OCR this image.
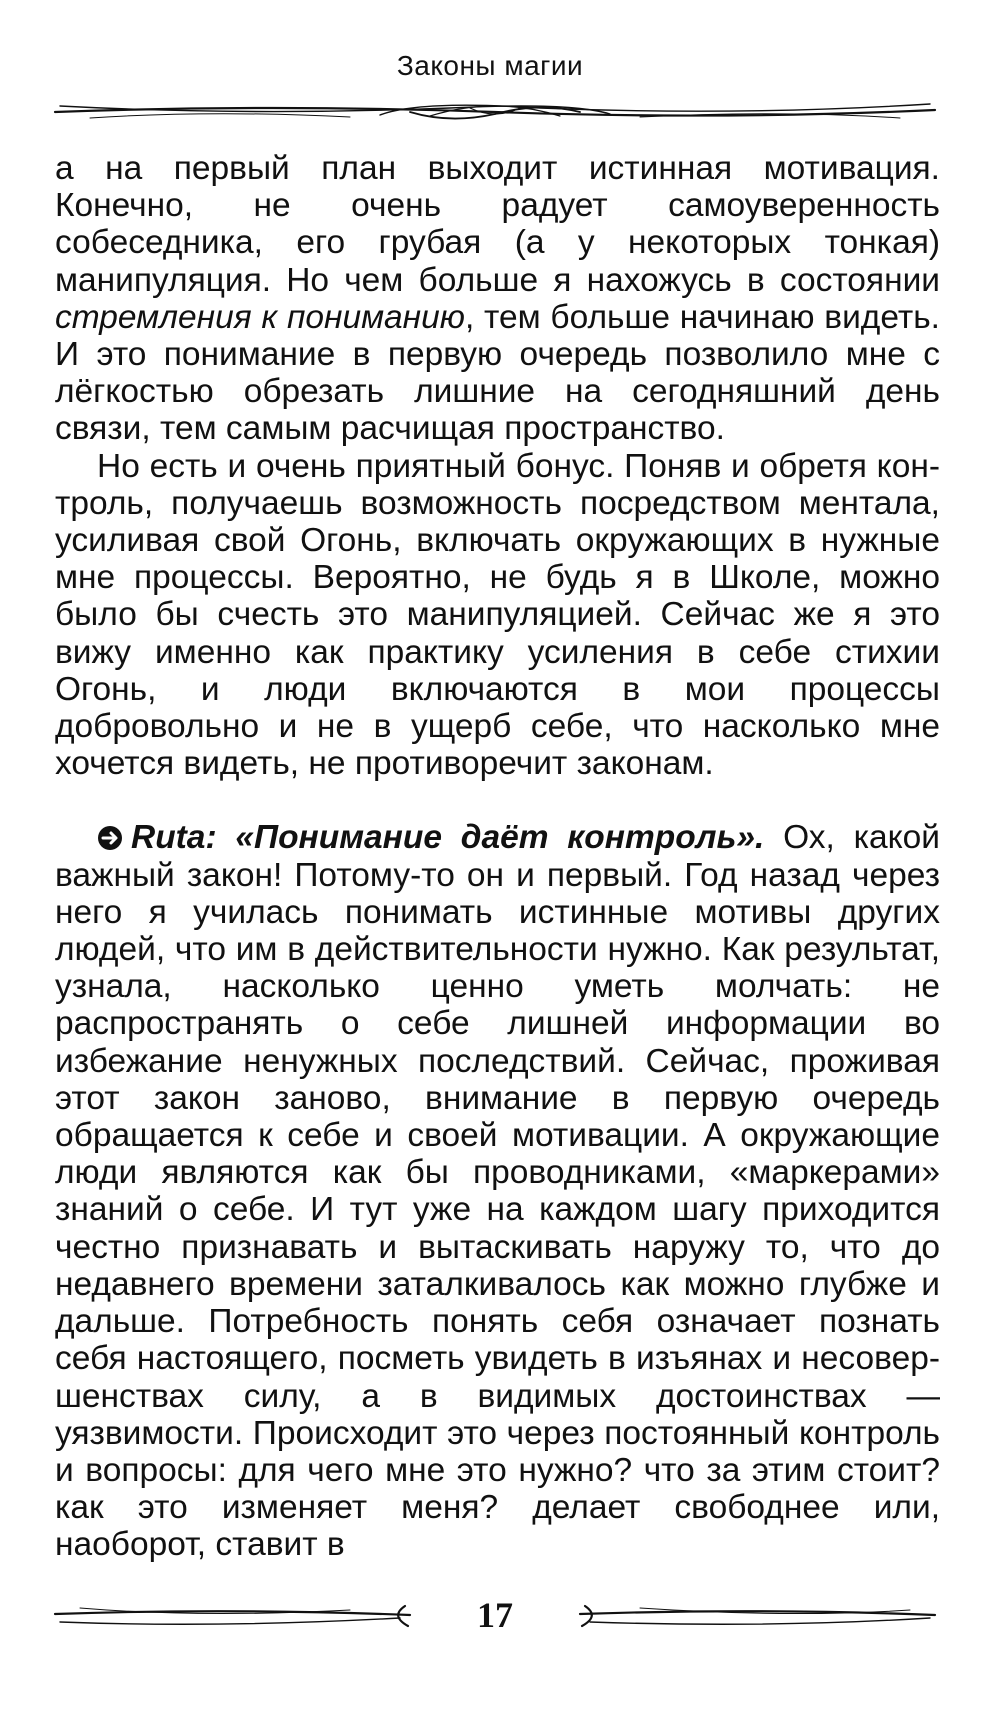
Законы магии

а на первый план выходит истинная мотивация. Конечно, не очень радует самоуверенность собеседника, его грубая (а у некоторых тонкая) манипуляция. Но чем больше я нахожусь в состоянии стремления к пониманию, тем больше начинаю видеть. И это понимание в первую очередь позволило мне с лёгкостью обрезать лишние на сегодняшний день связи, тем самым расчищая пространство.

Но есть и очень приятный бонус. Поняв и обретя контроль, получаешь возможность посредством ментала, усиливая свой Огонь, включать окружающих в нужные мне процессы. Вероятно, не будь я в Школе, можно было бы счесть это манипуляцией. Сейчас же я это вижу именно как практику усиления в себе стихии Огонь, и люди включаются в мои процессы добровольно и не в ущерб себе, что насколько мне хочется видеть, не противоречит законам.

Ruta: «Понимание даёт контроль». Ох, какой важный закон! Потому-то он и первый. Год назад через него я училась понимать истинные мотивы других людей, что им в действительности нужно. Как результат, узнала, насколько ценно уметь молчать: не распространять о себе лишней информации во избежание ненужных последствий. Сейчас, проживая этот закон заново, внимание в первую очередь обращается к себе и своей мотивации. А окружающие люди являются как бы проводниками, «маркерами» знаний о себе. И тут уже на каждом шагу приходится честно признавать и вытаскивать наружу то, что до недавнего времени заталкивалось как можно глубже и дальше. Потребность понять себя означает познать себя настоящего, посметь увидеть в изъянах и несовершенствах силу, а в видимых достоинствах — уязвимости. Происходит это через постоянный контроль и вопросы: для чего мне это нужно? что за этим стоит? как это изменяет меня? делает свободнее или, наоборот, ставит в

17
